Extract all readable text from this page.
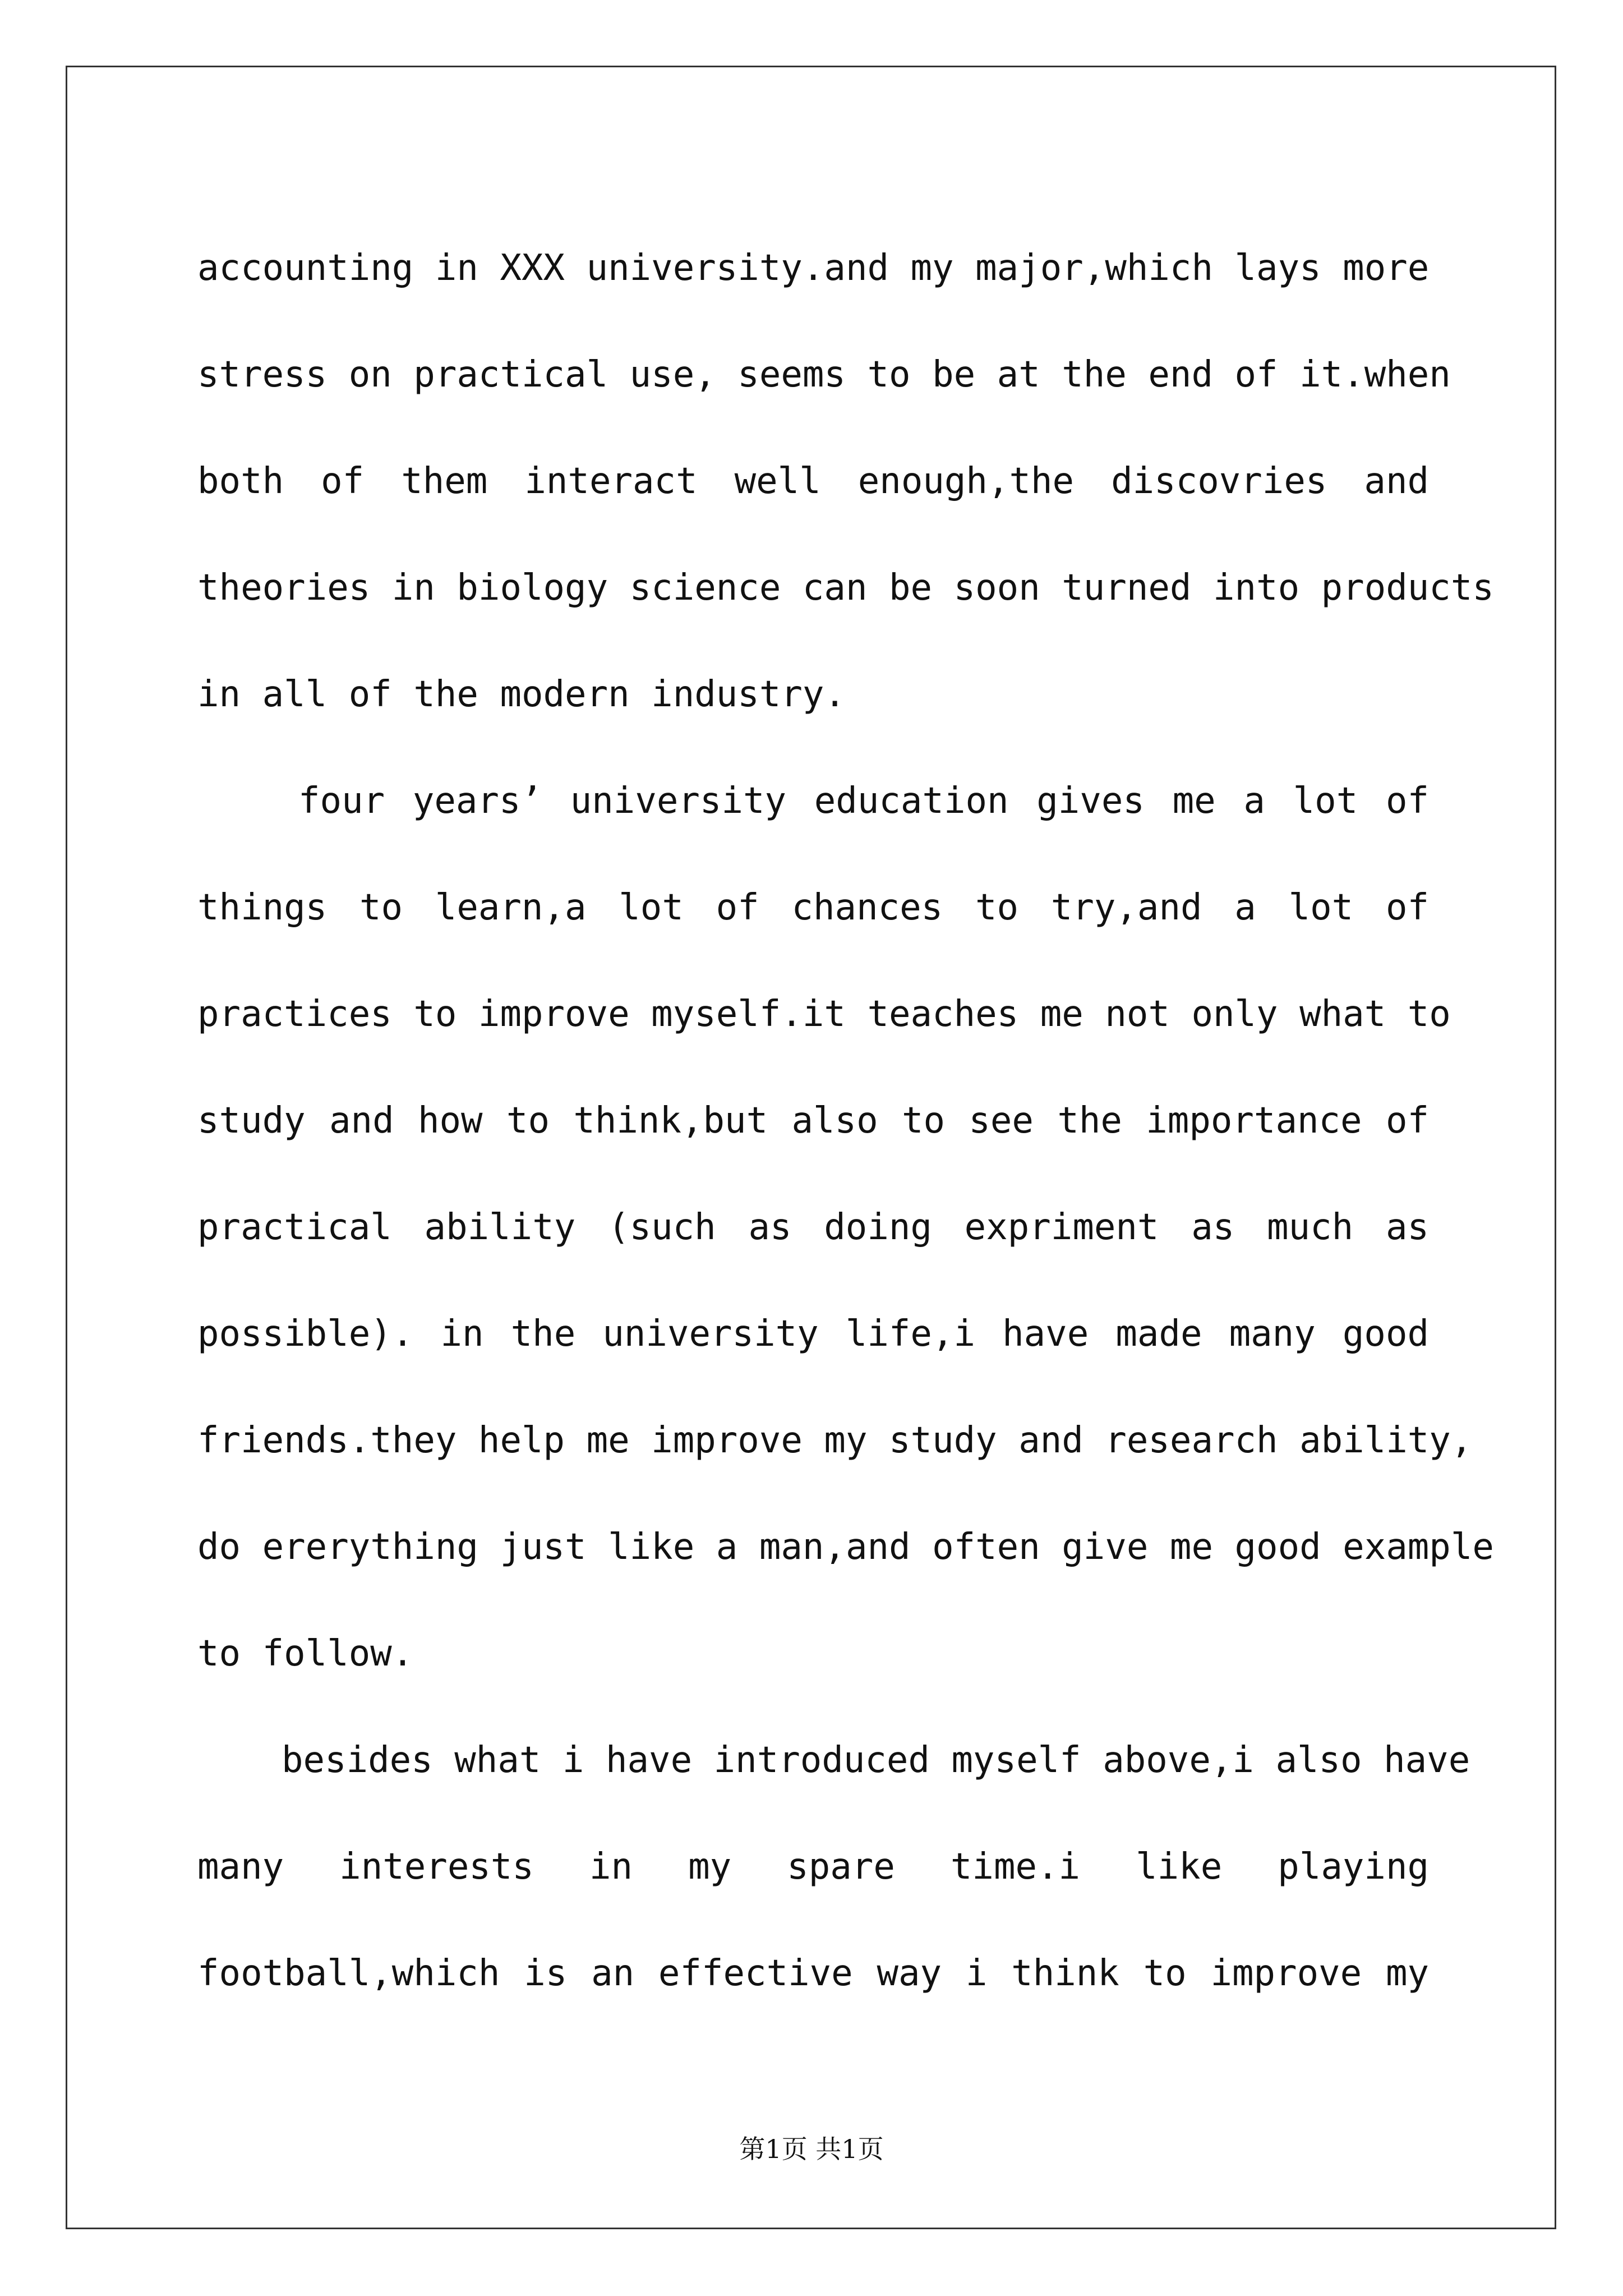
accounting in XXX university.and my major,which lays more
stress on practical use, seems to be at the end of it.when
both of them interact well enough,the discovries and
theories in biology science can be soon turned into products
in all of the modern industry.
four years’ university education gives me a lot of
things to learn,a lot of chances to try,and a lot of
practices to improve myself.it teaches me not only what to
study and how to think,but also to see the importance of
practical ability (such as doing expriment as much as
possible). in the university life,i have made many good
friends.they help me improve my study and research ability,
do ererything just like a man,and often give me good example
to follow.
besides what i have introduced myself above,i also have
many interests in my spare time.i like playing
football,which is an effective way i think to improve my
第1页 共1页
